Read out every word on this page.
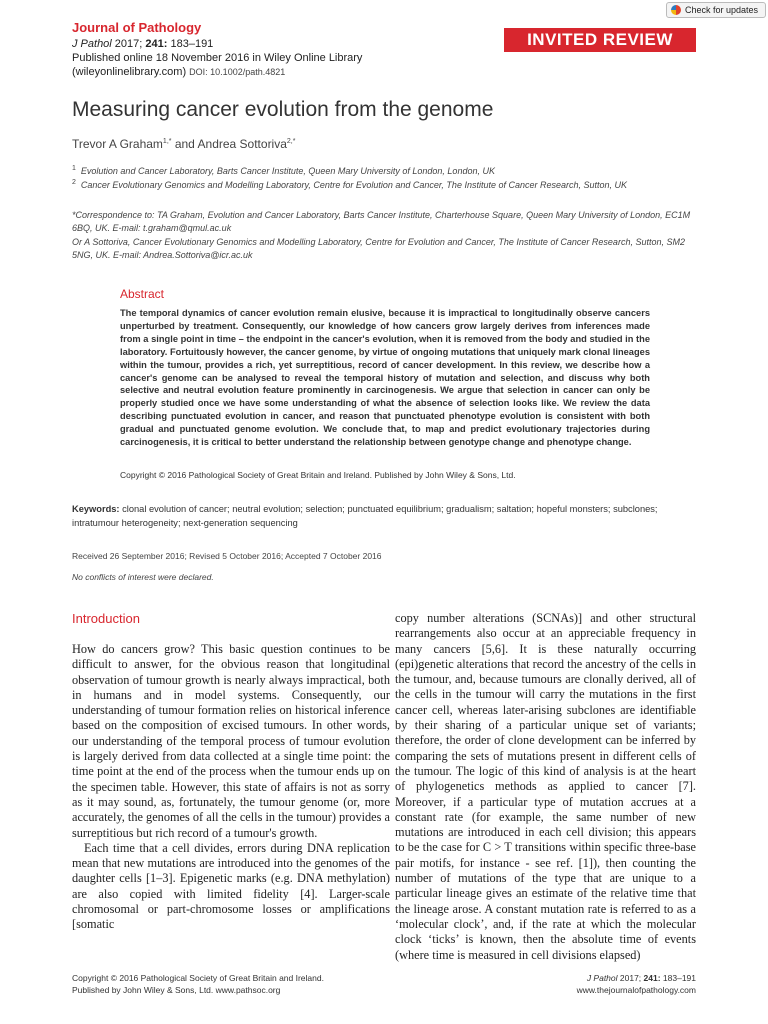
Journal of Pathology
J Pathol 2017; 241: 183–191
Published online 18 November 2016 in Wiley Online Library
(wileyonlinelibrary.com) DOI: 10.1002/path.4821
Check for updates
INVITED REVIEW
Measuring cancer evolution from the genome
Trevor A Graham$^{1,*}$ and Andrea Sottoriva$^{2,*}$
$^1$ Evolution and Cancer Laboratory, Barts Cancer Institute, Queen Mary University of London, London, UK
$^2$ Cancer Evolutionary Genomics and Modelling Laboratory, Centre for Evolution and Cancer, The Institute of Cancer Research, Sutton, UK
*Correspondence to: TA Graham, Evolution and Cancer Laboratory, Barts Cancer Institute, Charterhouse Square, Queen Mary University of London, EC1M 6BQ, UK. E-mail: t.graham@qmul.ac.uk
Or A Sottoriva, Cancer Evolutionary Genomics and Modelling Laboratory, Centre for Evolution and Cancer, The Institute of Cancer Research, Sutton, SM2 5NG, UK. E-mail: Andrea.Sottoriva@icr.ac.uk
Abstract
The temporal dynamics of cancer evolution remain elusive, because it is impractical to longitudinally observe cancers unperturbed by treatment. Consequently, our knowledge of how cancers grow largely derives from inferences made from a single point in time – the endpoint in the cancer's evolution, when it is removed from the body and studied in the laboratory. Fortuitously however, the cancer genome, by virtue of ongoing mutations that uniquely mark clonal lineages within the tumour, provides a rich, yet surreptitious, record of cancer development. In this review, we describe how a cancer's genome can be analysed to reveal the temporal history of mutation and selection, and discuss why both selective and neutral evolution feature prominently in carcinogenesis. We argue that selection in cancer can only be properly studied once we have some understanding of what the absence of selection looks like. We review the data describing punctuated evolution in cancer, and reason that punctuated phenotype evolution is consistent with both gradual and punctuated genome evolution. We conclude that, to map and predict evolutionary trajectories during carcinogenesis, it is critical to better understand the relationship between genotype change and phenotype change.
Copyright © 2016 Pathological Society of Great Britain and Ireland. Published by John Wiley & Sons, Ltd.
Keywords: clonal evolution of cancer; neutral evolution; selection; punctuated equilibrium; gradualism; saltation; hopeful monsters; subclones; intratumour heterogeneity; next-generation sequencing
Received 26 September 2016; Revised 5 October 2016; Accepted 7 October 2016
No conflicts of interest were declared.
Introduction

How do cancers grow? This basic question continues to be difficult to answer, for the obvious reason that longitudinal observation of tumour growth is nearly always impractical, both in humans and in model systems. Consequently, our understanding of tumour formation relies on historical inference based on the composition of excised tumours. In other words, our understanding of the temporal process of tumour evolution is largely derived from data collected at a single time point: the time point at the end of the process when the tumour ends up on the specimen table. However, this state of affairs is not as sorry as it may sound, as, fortunately, the tumour genome (or, more accurately, the genomes of all the cells in the tumour) provides a surreptitious but rich record of a tumour's growth.

Each time that a cell divides, errors during DNA replication mean that new mutations are introduced into the genomes of the daughter cells [1–3]. Epigenetic marks (e.g. DNA methylation) are also copied with limited fidelity [4]. Larger-scale chromosomal or part-chromosome losses or amplifications [somatic

copy number alterations (SCNAs)] and other structural rearrangements also occur at an appreciable frequency in many cancers [5,6]. It is these naturally occurring (epi)genetic alterations that record the ancestry of the cells in the tumour, and, because tumours are clonally derived, all of the cells in the tumour will carry the mutations in the first cancer cell, whereas later-arising subclones are identifiable by their sharing of a particular unique set of variants; therefore, the order of clone development can be inferred by comparing the sets of mutations present in different cells of the tumour. The logic of this kind of analysis is at the heart of phylogenetics methods as applied to cancer [7]. Moreover, if a particular type of mutation accrues at a constant rate (for example, the same number of new mutations are introduced in each cell division; this appears to be the case for C > T transitions within specific three-base pair motifs, for instance - see ref. [1]), then counting the number of mutations of the type that are unique to a particular lineage gives an estimate of the relative time that the lineage arose. A constant mutation rate is referred to as a ‘molecular clock’, and, if the rate at which the molecular clock ‘ticks’ is known, then the absolute time of events (where time is measured in cell divisions elapsed)

Copyright © 2016 Pathological Society of Great Britain and Ireland.
Published by John Wiley & Sons, Ltd. www.pathsoc.org
J Pathol 2017; 241: 183–191
www.thejournalofpathology.com
